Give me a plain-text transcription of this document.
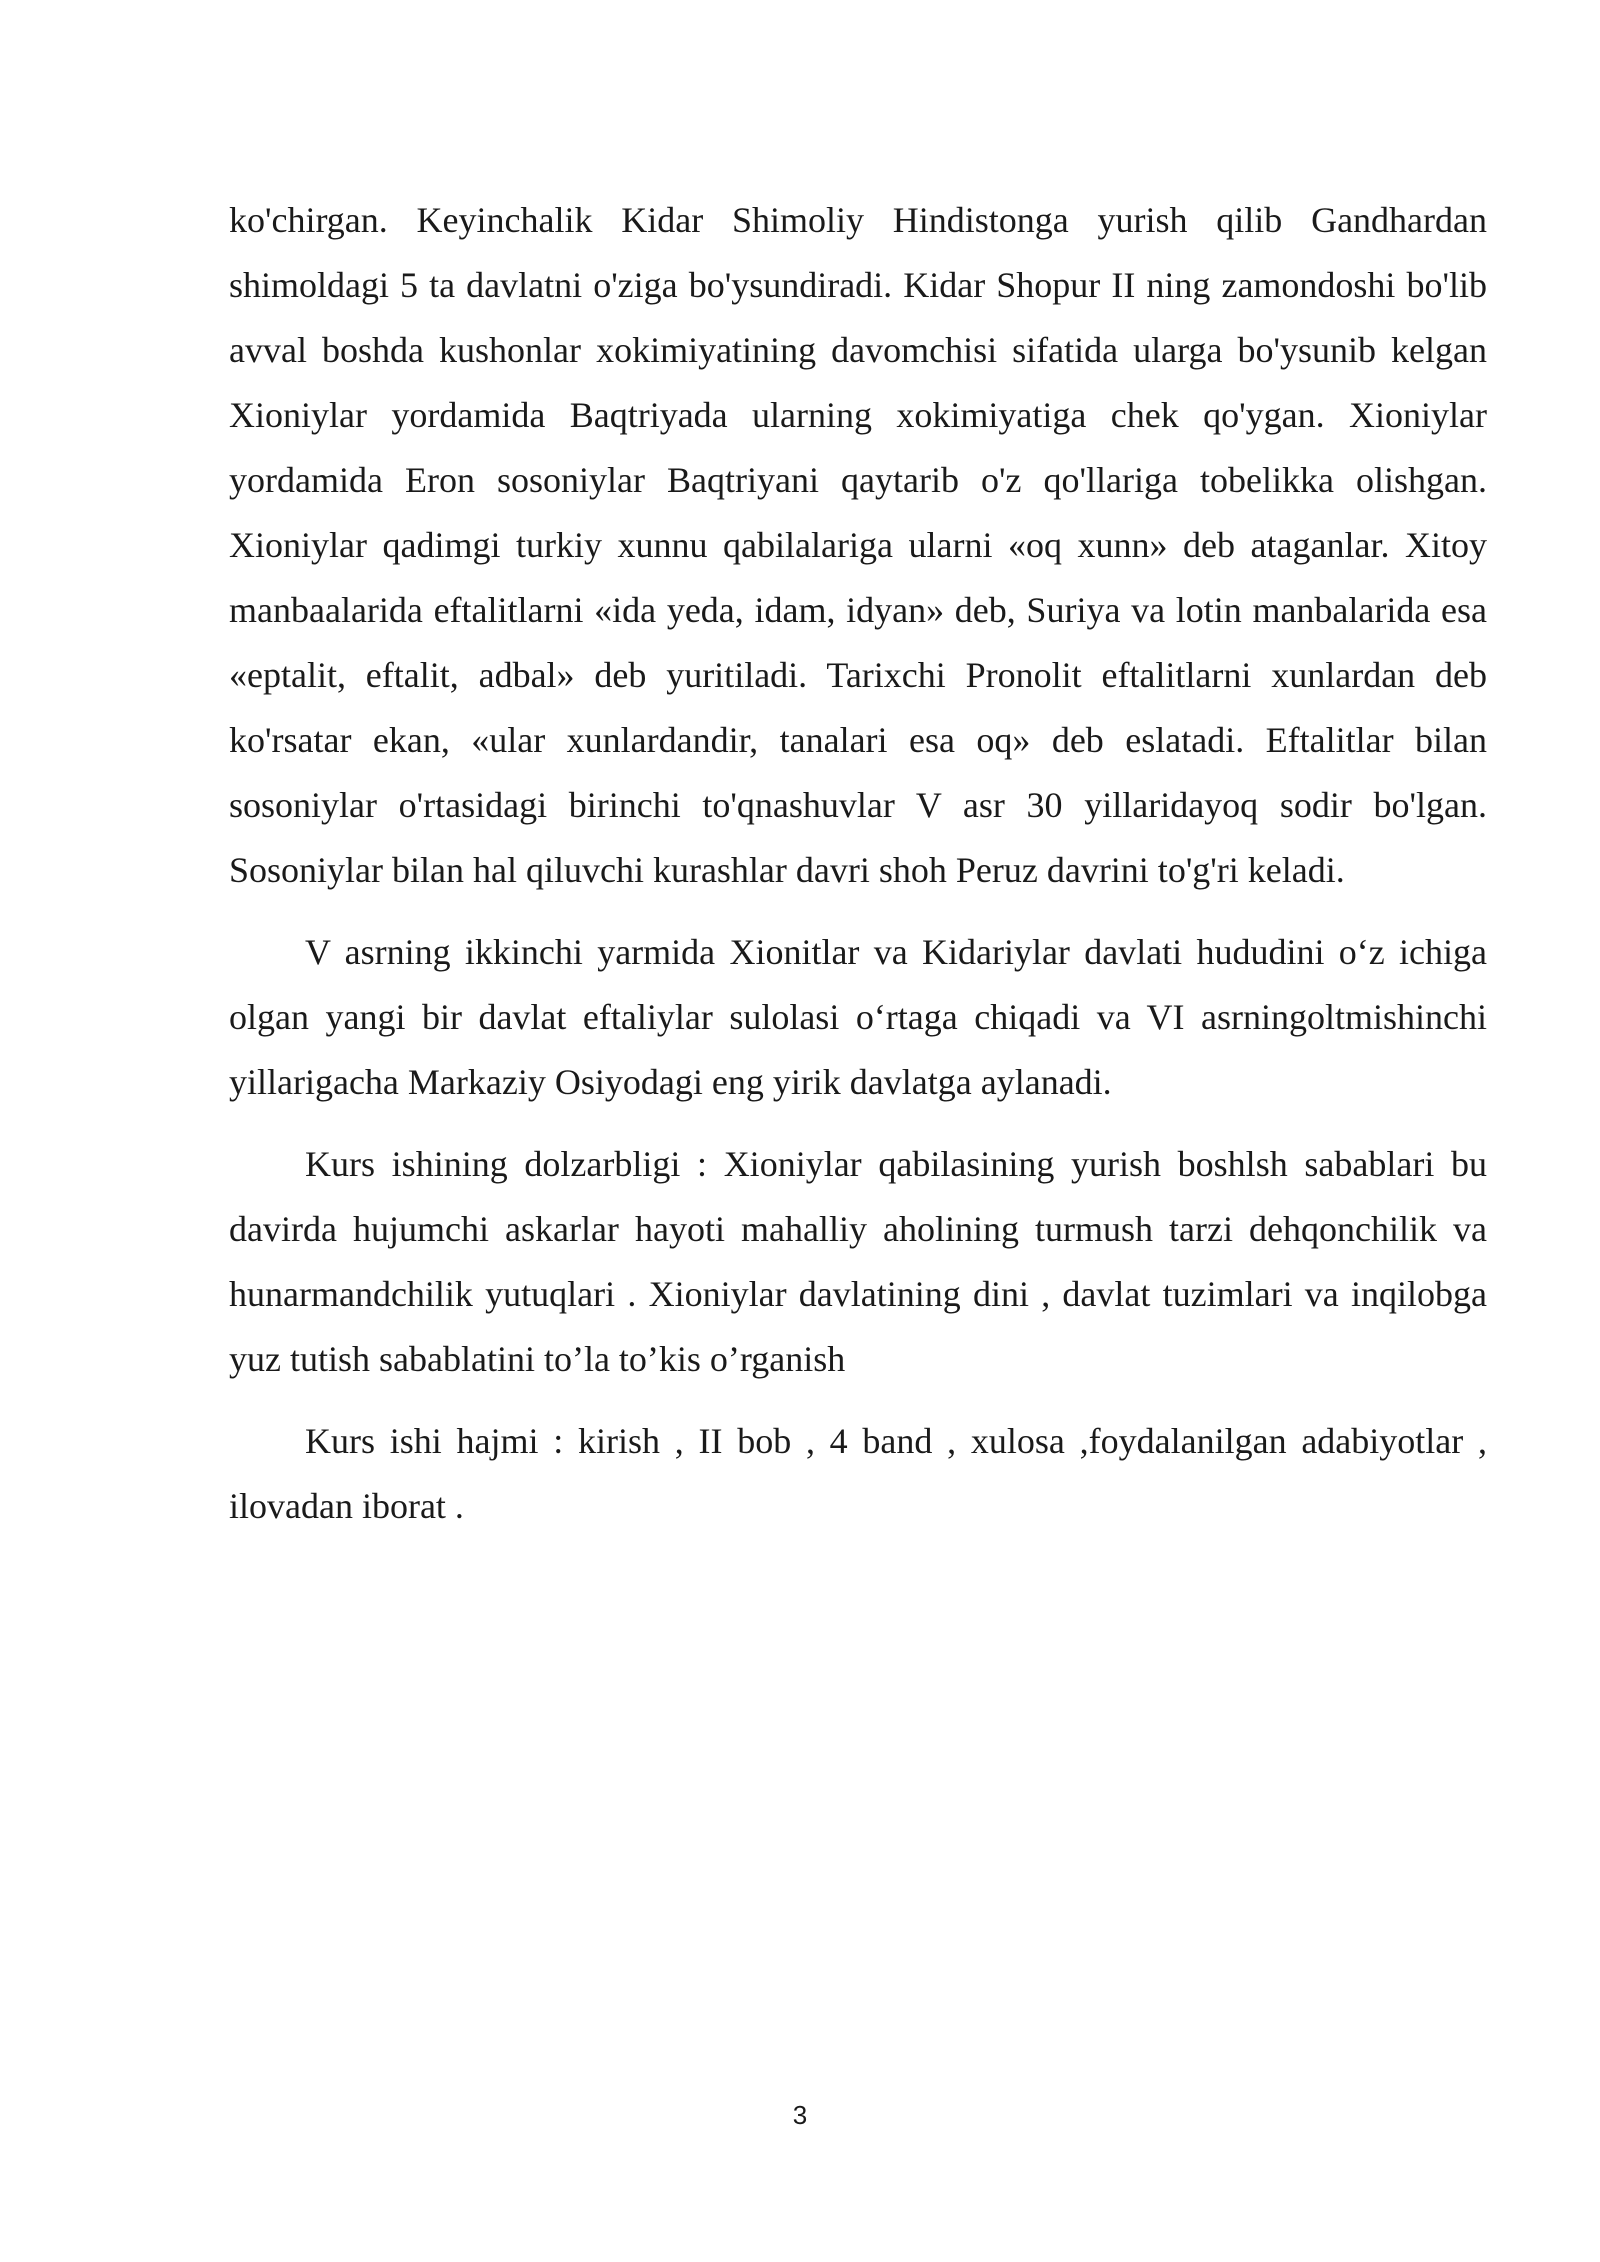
ko'chirgan. Keyinchalik Kidar Shimoliy Hindistonga yurish qilib Gandhardan shimoldagi 5 ta davlatni o'ziga bo'ysundiradi. Kidar Shopur II ning zamondoshi bo'lib avval boshda kushonlar xokimiyatining davomchisi sifatida ularga bo'ysunib kelgan Xioniylar yordamida Baqtriyada ularning xokimiyatiga chek qo'ygan. Xioniylar yordamida Eron sosoniylar Baqtriyani qaytarib o'z qo'llariga tobelikka olishgan. Xioniylar qadimgi turkiy xunnu qabilalariga ularni «oq xunn» deb ataganlar. Xitoy manbaalarida eftalitlarni «ida yeda, idam, idyan» deb, Suriya va lotin manbalarida esa «eptalit, eftalit, adbal» deb yuritiladi. Tarixchi Pronolit eftalitlarni xunlardan deb ko'rsatar ekan, «ular xunlardandir, tanalari esa oq» deb eslatadi. Eftalitlar bilan sosoniylar o'rtasidagi birinchi to'qnashuvlar V asr 30 yillaridayoq sodir bo'lgan. Sosoniylar bilan hal qiluvchi kurashlar davri shoh Peruz davrini to'g'ri keladi.

V asrning ikkinchi yarmida Xionitlar va Kidariylar davlati hududini o‘z ichiga olgan yangi bir davlat eftaliylar sulolasi o‘rtaga chiqadi va VI asrningoltmishinchi yillarigacha Markaziy Osiyodagi eng yirik davlatga aylanadi.

Kurs ishining dolzarbligi : Xioniylar qabilasining yurish boshlsh sabablari bu davirda hujumchi askarlar hayoti mahalliy aholining turmush tarzi dehqonchilik va hunarmandchilik yutuqlari . Xioniylar davlatining dini , davlat tuzimlari va inqilobga yuz tutish sabablatini to’la to’kis o’rganish

Kurs ishi hajmi : kirish , II bob , 4 band , xulosa ,foydalanilgan adabiyotlar , ilovadan iborat .

3
